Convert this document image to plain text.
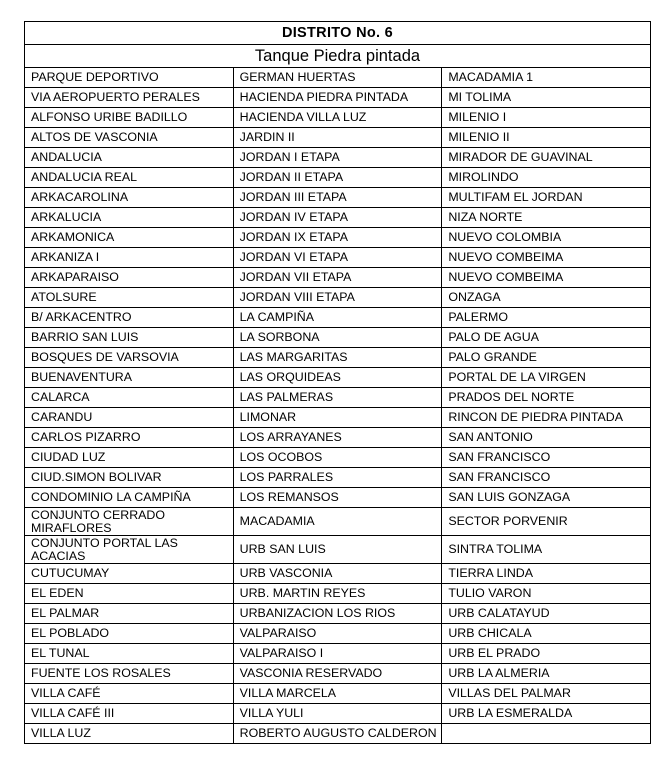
DISTRITO No. 6		
Tanque Piedra pintada		
PARQUE DEPORTIVO	GERMAN HUERTAS	MACADAMIA 1
VIA AEROPUERTO PERALES	HACIENDA PIEDRA PINTADA	MI TOLIMA
ALFONSO URIBE BADILLO	HACIENDA VILLA LUZ	MILENIO I
ALTOS DE VASCONIA	JARDIN II	MILENIO II
ANDALUCIA	JORDAN I ETAPA	MIRADOR DE GUAVINAL
ANDALUCIA REAL	JORDAN II ETAPA	MIROLINDO
ARKACAROLINA	JORDAN III ETAPA	MULTIFAM EL JORDAN
ARKALUCIA	JORDAN IV ETAPA	NIZA NORTE
ARKAMONICA	JORDAN IX ETAPA	NUEVO COLOMBIA
ARKANIZA I	JORDAN VI ETAPA	NUEVO COMBEIMA
ARKAPARAISO	JORDAN VII ETAPA	NUEVO COMBEIMA
ATOLSURE	JORDAN VIII ETAPA	ONZAGA
B/ ARKACENTRO	LA CAMPIÑA	PALERMO
BARRIO SAN LUIS	LA SORBONA	PALO DE AGUA
BOSQUES DE VARSOVIA	LAS MARGARITAS	PALO GRANDE
BUENAVENTURA	LAS ORQUIDEAS	PORTAL DE LA VIRGEN
CALARCA	LAS PALMERAS	PRADOS DEL NORTE
CARANDU	LIMONAR	RINCON DE PIEDRA PINTADA
CARLOS PIZARRO	LOS ARRAYANES	SAN ANTONIO
CIUDAD LUZ	LOS OCOBOS	SAN FRANCISCO
CIUD.SIMON BOLIVAR	LOS PARRALES	SAN FRANCISCO
CONDOMINIO LA CAMPIÑA	LOS REMANSOS	SAN LUIS GONZAGA
CONJUNTO CERRADO MIRAFLORES	MACADAMIA	SECTOR PORVENIR
CONJUNTO PORTAL LAS ACACIAS	URB SAN LUIS	SINTRA TOLIMA
CUTUCUMAY	URB VASCONIA	TIERRA LINDA
EL EDEN	URB. MARTIN REYES	TULIO VARON
EL PALMAR	URBANIZACION LOS RIOS	URB CALATAYUD
EL POBLADO	VALPARAISO	URB CHICALA
EL TUNAL	VALPARAISO I	URB EL PRADO
FUENTE LOS ROSALES	VASCONIA RESERVADO	URB LA ALMERIA
VILLA CAFÉ	VILLA MARCELA	VILLAS DEL PALMAR
VILLA CAFÉ III	VILLA YULI	URB LA ESMERALDA
VILLA LUZ	ROBERTO AUGUSTO CALDERON	
